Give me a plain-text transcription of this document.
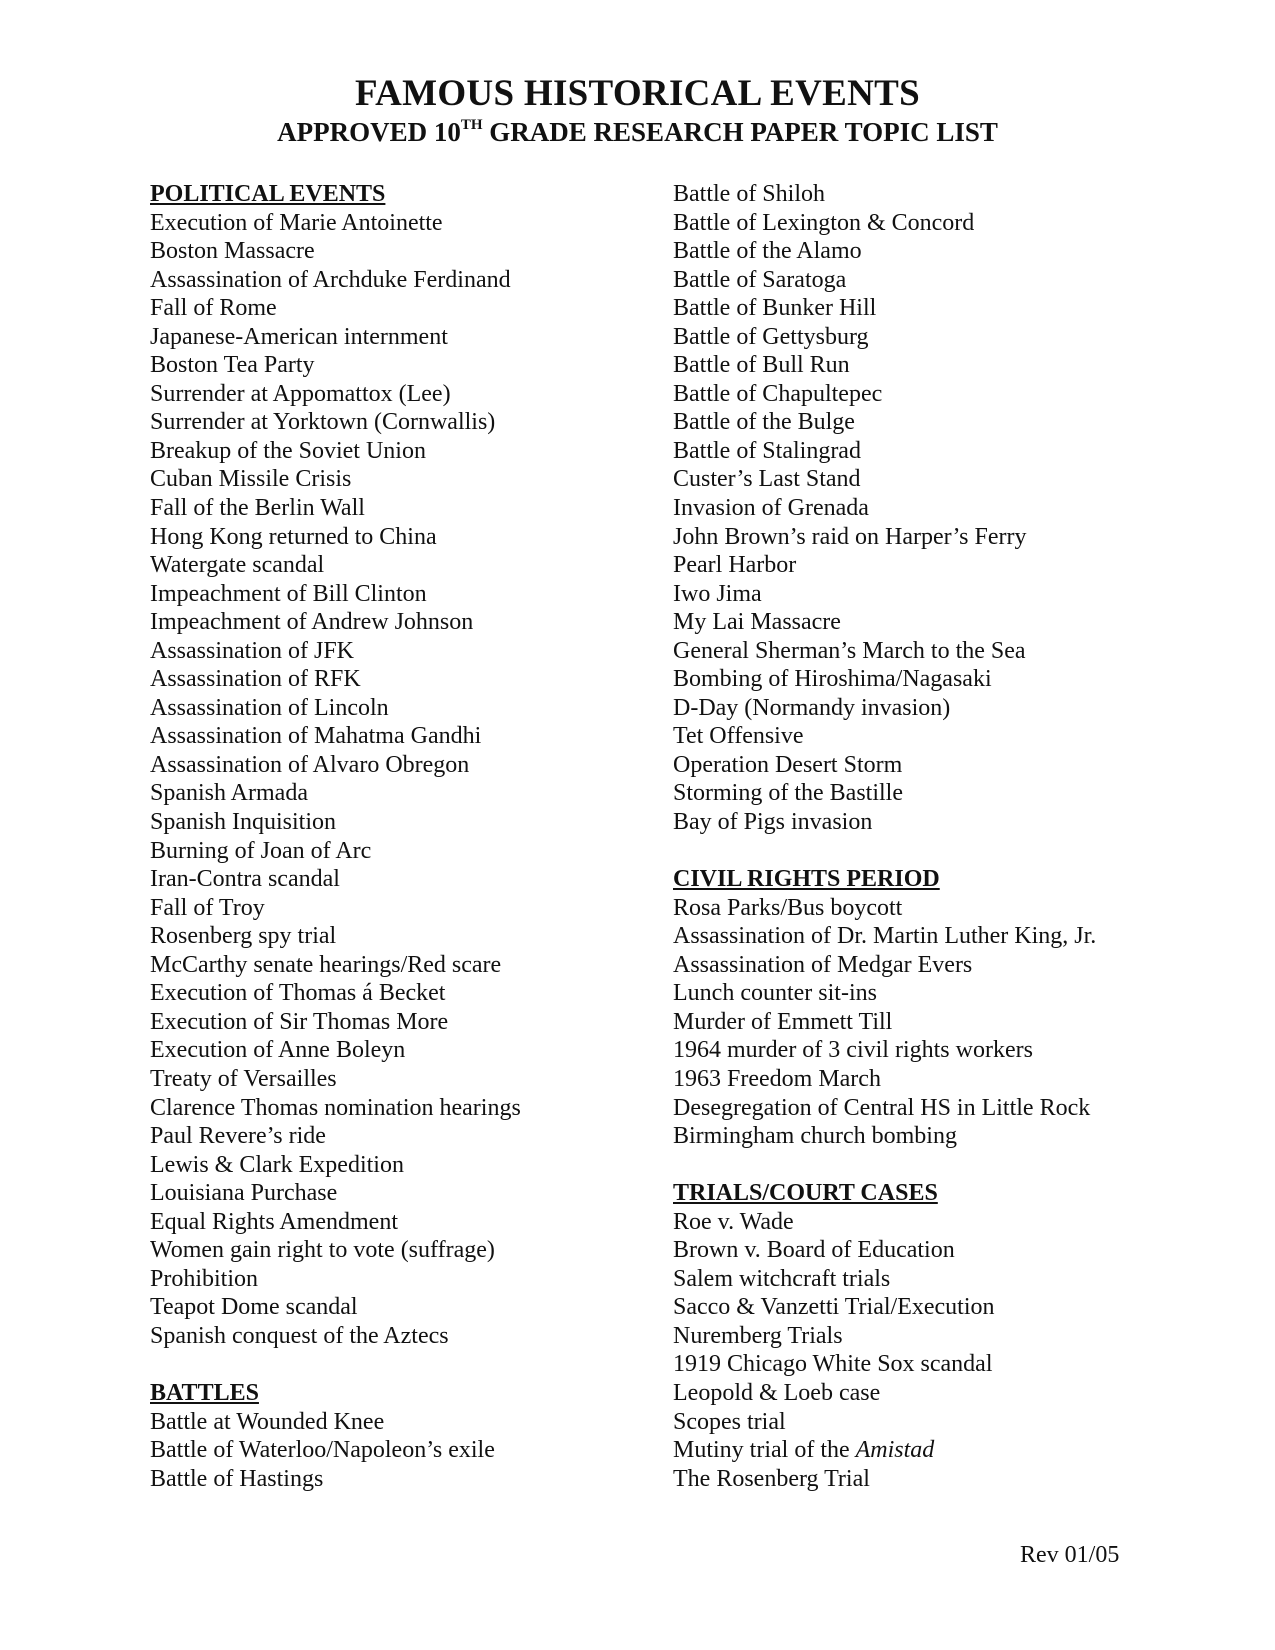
FAMOUS HISTORICAL EVENTS
APPROVED 10TH GRADE RESEARCH PAPER TOPIC LIST
POLITICAL EVENTS
Execution of Marie Antoinette
Boston Massacre
Assassination of Archduke Ferdinand
Fall of Rome
Japanese-American internment
Boston Tea Party
Surrender at Appomattox (Lee)
Surrender at Yorktown (Cornwallis)
Breakup of the Soviet Union
Cuban Missile Crisis
Fall of the Berlin Wall
Hong Kong returned to China
Watergate scandal
Impeachment of Bill Clinton
Impeachment of Andrew Johnson
Assassination of JFK
Assassination of RFK
Assassination of Lincoln
Assassination of Mahatma Gandhi
Assassination of Alvaro Obregon
Spanish Armada
Spanish Inquisition
Burning of Joan of Arc
Iran-Contra scandal
Fall of Troy
Rosenberg spy trial
McCarthy senate hearings/Red scare
Execution of Thomas á Becket
Execution of Sir Thomas More
Execution of Anne Boleyn
Treaty of Versailles
Clarence Thomas nomination hearings
Paul Revere’s ride
Lewis & Clark Expedition
Louisiana Purchase
Equal Rights Amendment
Women gain right to vote (suffrage)
Prohibition
Teapot Dome scandal
Spanish conquest of the Aztecs
BATTLES
Battle at Wounded Knee
Battle of Waterloo/Napoleon’s exile
Battle of Hastings
Battle of Shiloh
Battle of Lexington & Concord
Battle of the Alamo
Battle of Saratoga
Battle of Bunker Hill
Battle of Gettysburg
Battle of Bull Run
Battle of Chapultepec
Battle of the Bulge
Battle of Stalingrad
Custer’s Last Stand
Invasion of Grenada
John Brown’s raid on Harper’s Ferry
Pearl Harbor
Iwo Jima
My Lai Massacre
General Sherman’s March to the Sea
Bombing of Hiroshima/Nagasaki
D-Day (Normandy invasion)
Tet Offensive
Operation Desert Storm
Storming of the Bastille
Bay of Pigs invasion
CIVIL RIGHTS PERIOD
Rosa Parks/Bus boycott
Assassination of Dr. Martin Luther King, Jr.
Assassination of Medgar Evers
Lunch counter sit-ins
Murder of Emmett Till
1964 murder of 3 civil rights workers
1963 Freedom March
Desegregation of Central HS in Little Rock
Birmingham church bombing
TRIALS/COURT CASES
Roe v. Wade
Brown v. Board of Education
Salem witchcraft trials
Sacco & Vanzetti Trial/Execution
Nuremberg Trials
1919 Chicago White Sox scandal
Leopold & Loeb case
Scopes trial
Mutiny trial of the Amistad
The Rosenberg Trial
Rev 01/05
